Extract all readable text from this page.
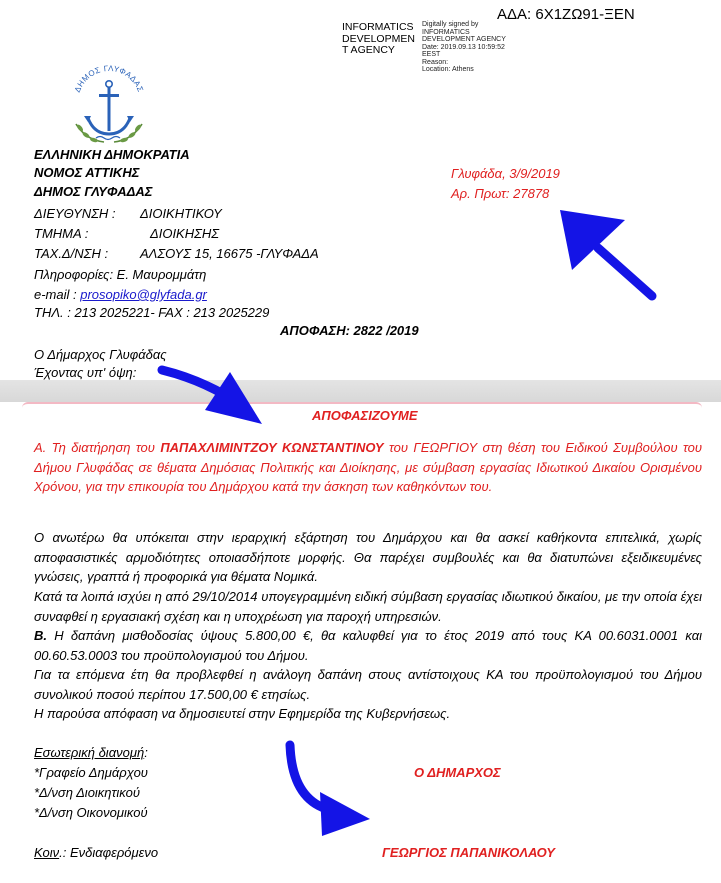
ΑΔΑ: 6Χ1ΖΩ91-ΞΕΝ
INFORMATICS
DEVELOPMEN
T AGENCY
Digitally signed by
INFORMATICS
DEVELOPMENT AGENCY
Date: 2019.09.13 10:59:52
EEST
Reason:
Location: Athens
ΔΗΜΟΣ ΓΛΥΦΑΔΑΣ
ΕΛΛΗΝΙΚΗ ΔΗΜΟΚΡΑΤΙΑ
ΝΟΜΟΣ ΑΤΤΙΚΗΣ
ΔΗΜΟΣ ΓΛΥΦΑΔΑΣ
ΔΙΕΥΘΥΝΣΗ : ΔΙΟΙΚΗΤΙΚΟΥ
ΤΜΗΜΑ :	ΔΙΟΙΚΗΣΗΣ
ΤΑΧ.Δ/ΝΣΗ : ΑΛΣΟΥΣ 15, 16675 -ΓΛΥΦΑΔΑ
Πληροφορίες: Ε. Μαυρομμάτη
e-mail : prosopiko@glyfada.gr
ΤΗΛ. : 213 2025221- FAX : 213 2025229
Γλυφάδα, 3/9/2019
Αρ. Πρωτ: 27878
ΑΠΟΦΑΣΗ: 2822 /2019
Ο Δήμαρχος Γλυφάδας
Έχοντας υπ' όψη:
ΑΠΟΦΑΣΙΖΟΥΜΕ
Α. Τη διατήρηση του ΠΑΠΑΧΛΙΜΙΝΤΖΟΥ ΚΩΝΣΤΑΝΤΙΝΟΥ του ΓΕΩΡΓΙΟΥ στη θέση του Ειδικού Συμβούλου του Δήμου Γλυφάδας σε θέματα Δημόσιας Πολιτικής και Διοίκησης, με σύμβαση εργασίας Ιδιωτικού Δικαίου Ορισμένου Χρόνου, για την επικουρία του Δημάρχου κατά την άσκηση των καθηκόντων του.
Ο ανωτέρω θα υπόκειται στην ιεραρχική εξάρτηση του Δημάρχου και θα ασκεί καθήκοντα επιτελικά, χωρίς αποφασιστικές αρμοδιότητες οποιασδήποτε μορφής. Θα παρέχει συμβουλές και θα διατυπώνει εξειδικευμένες γνώσεις, γραπτά ή προφορικά για θέματα Νομικά.
Κατά τα λοιπά ισχύει η από 29/10/2014 υπογεγραμμένη ειδική σύμβαση εργασίας ιδιωτικού δικαίου, με την οποία έχει συναφθεί η εργασιακή σχέση και η υποχρέωση για παροχή υπηρεσιών.
Β. Η δαπάνη μισθοδοσίας ύψους 5.800,00 €, θα καλυφθεί για το έτος 2019 από τους ΚΑ 00.6031.0001 και 00.60.53.0003 του προϋπολογισμού του Δήμου.
Για τα επόμενα έτη θα προβλεφθεί η ανάλογη δαπάνη στους αντίστοιχους ΚΑ του προϋπολογισμού του Δήμου συνολικού ποσού περίπου 17.500,00 € ετησίως.
Η παρούσα απόφαση να δημοσιευτεί στην Εφημερίδα της Κυβερνήσεως.
Εσωτερική διανομή:
*Γραφείο Δημάρχου
*Δ/νση Διοικητικού
*Δ/νση Οικονομικού
Κοιν.: Ενδιαφερόμενο
Ο ΔΗΜΑΡΧΟΣ
ΓΕΩΡΓΙΟΣ ΠΑΠΑΝΙΚΟΛΑΟΥ
